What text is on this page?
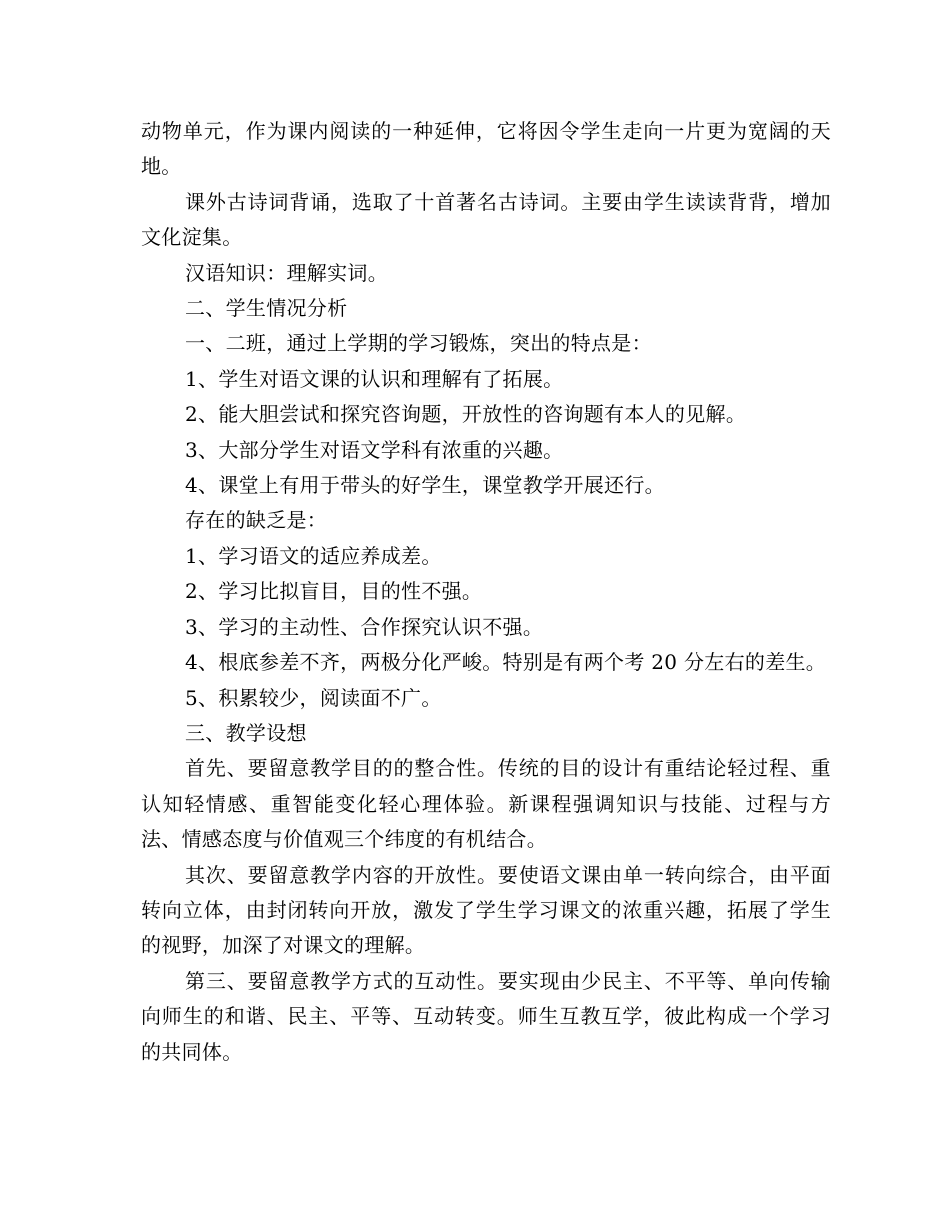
动物单元，作为课内阅读的一种延伸，它将因令学生走向一片更为宽阔的天地。

课外古诗词背诵，选取了十首著名古诗词。主要由学生读读背背，增加文化淀集。

汉语知识：理解实词。

二、学生情况分析

一、二班，通过上学期的学习锻炼，突出的特点是：

1、学生对语文课的认识和理解有了拓展。

2、能大胆尝试和探究咨询题，开放性的咨询题有本人的见解。

3、大部分学生对语文学科有浓重的兴趣。

4、课堂上有用于带头的好学生，课堂教学开展还行。

存在的缺乏是：

1、学习语文的适应养成差。

2、学习比拟盲目，目的性不强。

3、学习的主动性、合作探究认识不强。

4、根底参差不齐，两极分化严峻。特别是有两个考 20 分左右的差生。

5、积累较少，阅读面不广。

三、教学设想

首先、要留意教学目的的整合性。传统的目的设计有重结论轻过程、重认知轻情感、重智能变化轻心理体验。新课程强调知识与技能、过程与方法、情感态度与价值观三个纬度的有机结合。

其次、要留意教学内容的开放性。要使语文课由单一转向综合，由平面转向立体，由封闭转向开放，激发了学生学习课文的浓重兴趣，拓展了学生的视野，加深了对课文的理解。

第三、要留意教学方式的互动性。要实现由少民主、不平等、单向传输向师生的和谐、民主、平等、互动转变。师生互教互学，彼此构成一个学习的共同体。
